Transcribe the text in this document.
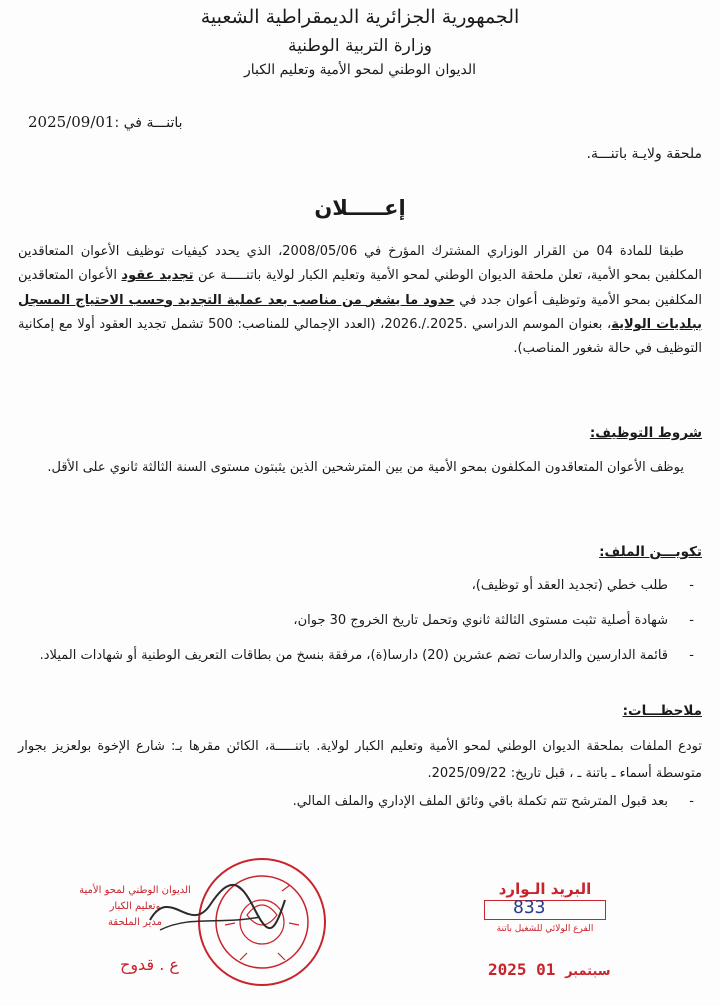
الجمهورية الجزائرية الديمقراطية الشعبية
وزارة التربية الوطنية
الديوان الوطني لمحو الأمية وتعليم الكبار
باتنـــة في :2025/09/01
ملحقة ولايـة باتنـــة.
إعـــــلان
طبقا للمادة 04 من القرار الوزاري المشترك المؤرخ في 2008/05/06، الذي يحدد كيفيات توظيف الأعوان المتعاقدين المكلفين بمحو الأمية، تعلن ملحقة الديوان الوطني لمحو الأمية وتعليم الكبار لولاية باتنـــــة عن تجديد عقود الأعوان المتعاقدين المكلفين بمحو الأمية وتوظيف أعوان جدد في حدود ما يشغر من مناصب بعد عملية التجديد وحسب الاحتياج المسجل ببلديات الولاية، بعنوان الموسم الدراسي .2025./.2026، (العدد الإجمالي للمناصب: 500 تشمل تجديد العقود أولا مع إمكانية التوظيف في حالة شغور المناصب).
شروط التوظيف:
يوظف الأعوان المتعاقدون المكلفون بمحو الأمية من بين المترشحين الذين يثبتون مستوى السنة الثالثة ثانوي على الأقل.
تكويـــن الملف:
- طلب خطي (تجديد العقد أو توظيف)،
- شهادة أصلية تثبت مستوى الثالثة ثانوي وتحمل تاريخ الخروج 30 جوان،
- قائمة الدارسين والدارسات تضم عشرين (20) دارسا(ة)، مرفقة بنسخ من بطاقات التعريف الوطنية أو شهادات الميلاد.
ملاحظـــات:
تودع الملفات بملحقة الديوان الوطني لمحو الأمية وتعليم الكبار لولاية. باتنـــــة، الكائن مقرها بـ: شارع الإخوة بولعزيز بجوار متوسطة أسماء ـ باتنة ـ ، قبل تاريخ: 2025/09/22.
- بعد قبول المترشح تتم تكملة باقي وثائق الملف الإداري والملف المالي.
الديوان الوطني لمحو الأمية
وتعليم الكبار
مدير الملحقة
ع . قدوح
البريد الـوارد
833
الفرع الولائي للشغيل باتنة
2025	سبتمبر 01
